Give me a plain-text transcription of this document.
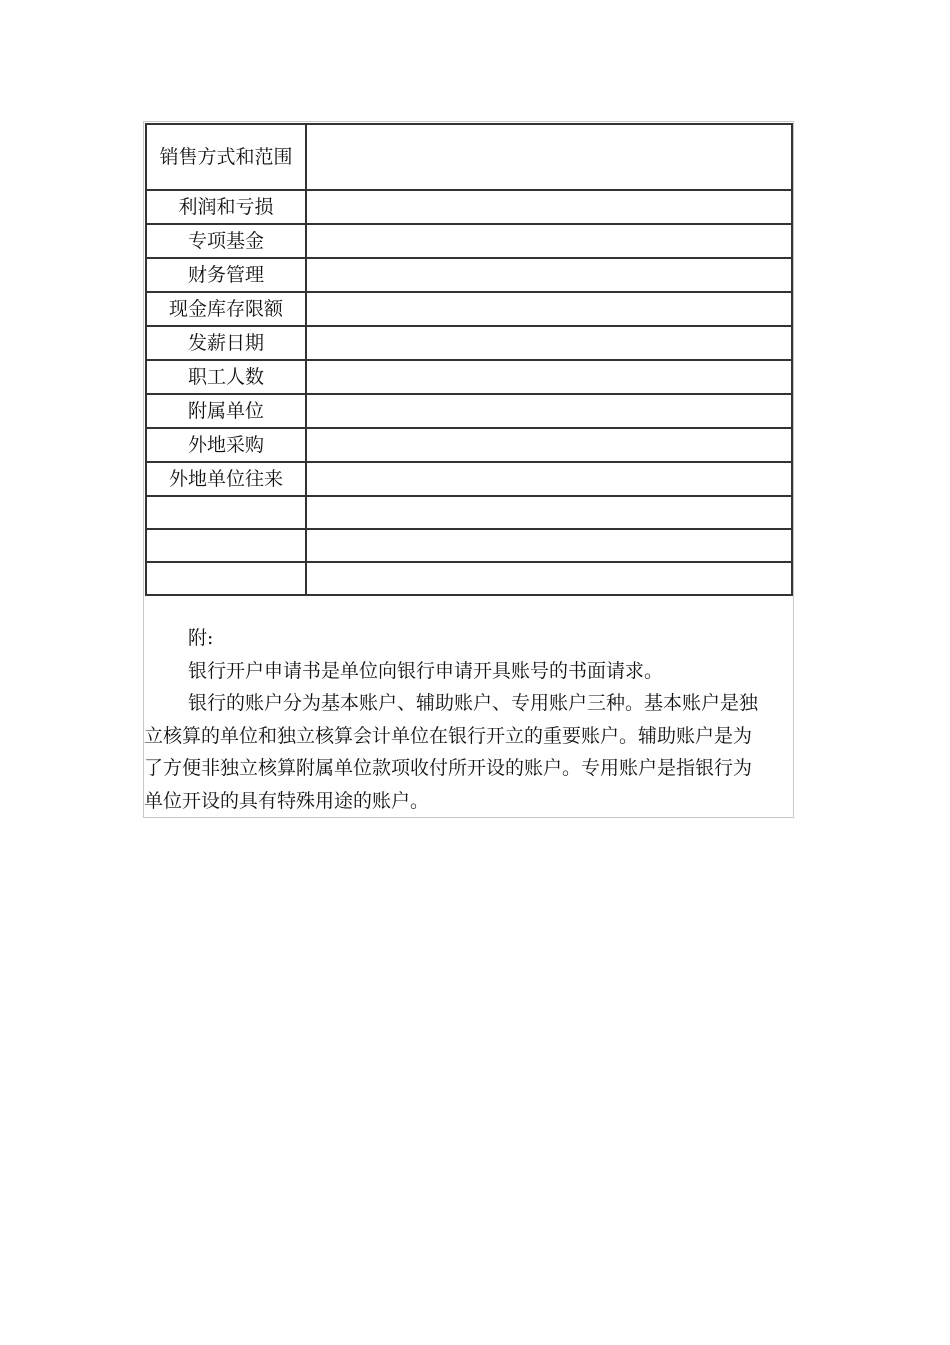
销售方式和范围	
利润和亏损	
专项基金	
财务管理	
现金库存限额	
发薪日期	
职工人数	
附属单位	
外地采购	
外地单位往来	

附:

银行开户申请书是单位向银行申请开具账号的书面请求。

银行的账户分为基本账户、辅助账户、专用账户三种。基本账户是独立核算的单位和独立核算会计单位在银行开立的重要账户。辅助账户是为了方便非独立核算附属单位款项收付所开设的账户。专用账户是指银行为单位开设的具有特殊用途的账户。
